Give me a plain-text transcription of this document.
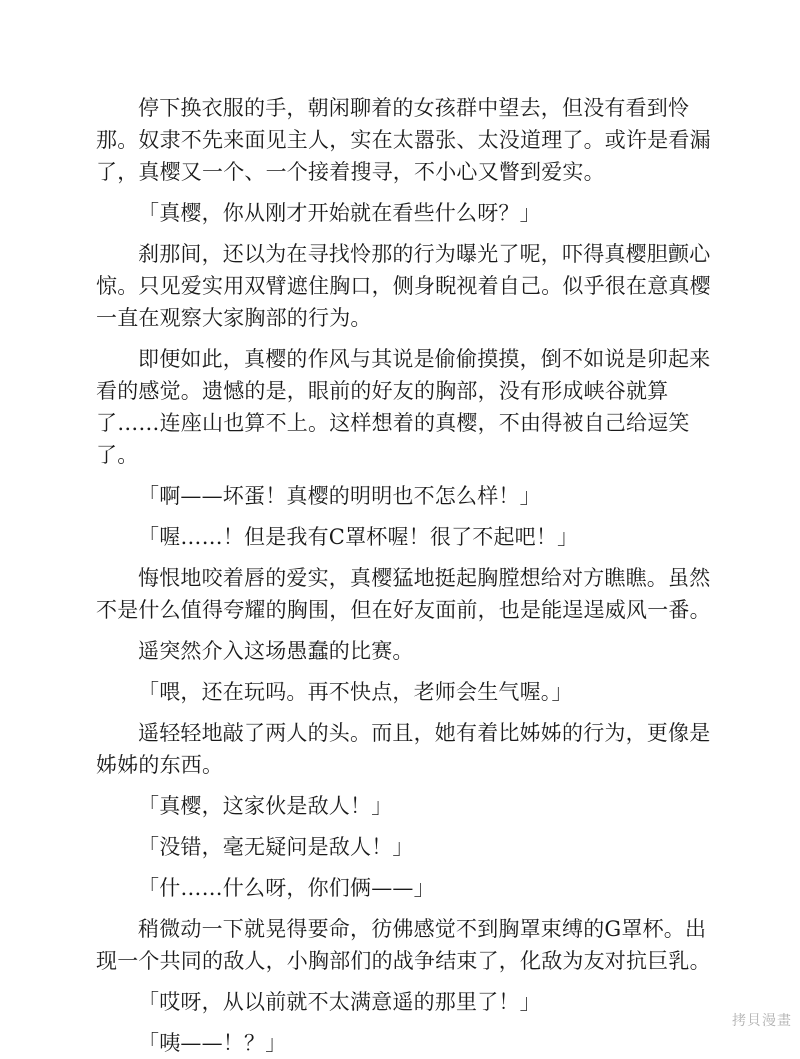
停下换衣服的手，朝闲聊着的女孩群中望去，但没有看到怜那。奴隶不先来面见主人，实在太嚣张、太没道理了。或许是看漏了，真樱又一个、一个接着搜寻，不小心又瞥到爱实。

「真樱，你从刚才开始就在看些什么呀？」

刹那间，还以为在寻找怜那的行为曝光了呢，吓得真樱胆颤心惊。只见爱实用双臂遮住胸口，侧身睨视着自己。似乎很在意真樱一直在观察大家胸部的行为。

即便如此，真樱的作风与其说是偷偷摸摸，倒不如说是卯起来看的感觉。遗憾的是，眼前的好友的胸部，没有形成峡谷就算了……连座山也算不上。这样想着的真樱，不由得被自己给逗笑了。

「啊——坏蛋！真樱的明明也不怎么样！」

「喔……！但是我有C罩杯喔！很了不起吧！」

悔恨地咬着唇的爱实，真樱猛地挺起胸膛想给对方瞧瞧。虽然不是什么值得夸耀的胸围，但在好友面前，也是能逞逞威风一番。

遥突然介入这场愚蠢的比赛。

「喂，还在玩吗。再不快点，老师会生气喔。」

遥轻轻地敲了两人的头。而且，她有着比姊姊的行为，更像是姊姊的东西。

「真樱，这家伙是敌人！」

「没错，毫无疑问是敌人！」

「什……什么呀，你们俩——」

稍微动一下就晃得要命，彷佛感觉不到胸罩束缚的G罩杯。出现一个共同的敌人，小胸部们的战争结束了，化敌为友对抗巨乳。

「哎呀，从以前就不太满意遥的那里了！」

「咦——！？」

拷貝漫畫
